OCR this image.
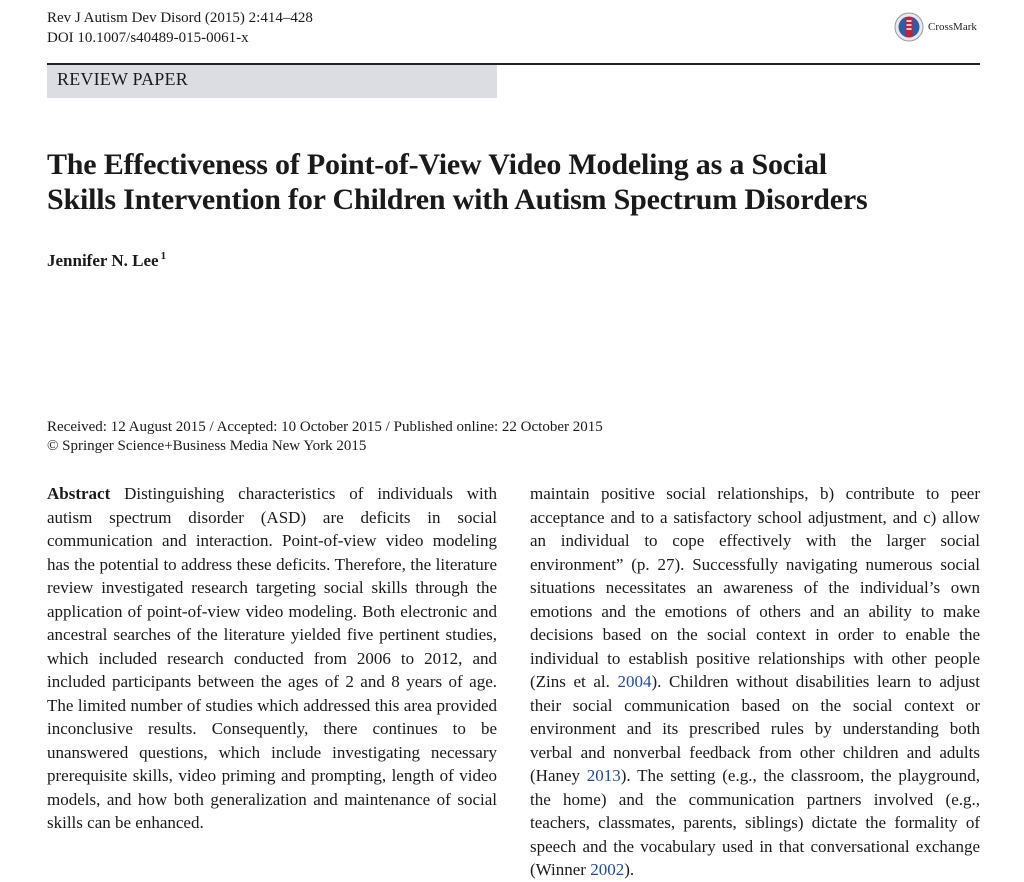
Rev J Autism Dev Disord (2015) 2:414–428
DOI 10.1007/s40489-015-0061-x
CrossMark
REVIEW PAPER
The Effectiveness of Point-of-View Video Modeling as a Social
Skills Intervention for Children with Autism Spectrum Disorders
Jennifer N. Lee $^1$
Received: 12 August 2015 / Accepted: 10 October 2015 / Published online: 22 October 2015
© Springer Science+Business Media New York 2015

Abstract Distinguishing characteristics of individuals with autism spectrum disorder (ASD) are deficits in social communication and interaction. Point-of-view video modeling has the potential to address these deficits. Therefore, the literature review investigated research targeting social skills through the application of point-of-view video modeling. Both electronic and ancestral searches of the literature yielded five pertinent studies, which included research conducted from 2006 to 2012, and included participants between the ages of 2 and 8 years of age. The limited number of studies which addressed this area provided inconclusive results. Consequently, there continues to be unanswered questions, which include investigating necessary prerequisite skills, video priming and prompting, length of video models, and how both generalization and maintenance of social skills can be enhanced.

maintain positive social relationships, b) contribute to peer acceptance and to a satisfactory school adjustment, and c) allow an individual to cope effectively with the larger social environment” (p. 27). Successfully navigating numerous social situations necessitates an awareness of the individual’s own emotions and the emotions of others and an ability to make decisions based on the social context in order to enable the individual to establish positive relationships with other people (Zins et al. 2004). Children without disabilities learn to adjust their social communication based on the social context or environment and its prescribed rules by understanding both verbal and nonverbal feedback from other children and adults (Haney 2013). The setting (e.g., the classroom, the playground, the home) and the communication partners involved (e.g., teachers, classmates, parents, siblings) dictate the formality of speech and the vocabulary used in that conversational exchange (Winner 2002).
